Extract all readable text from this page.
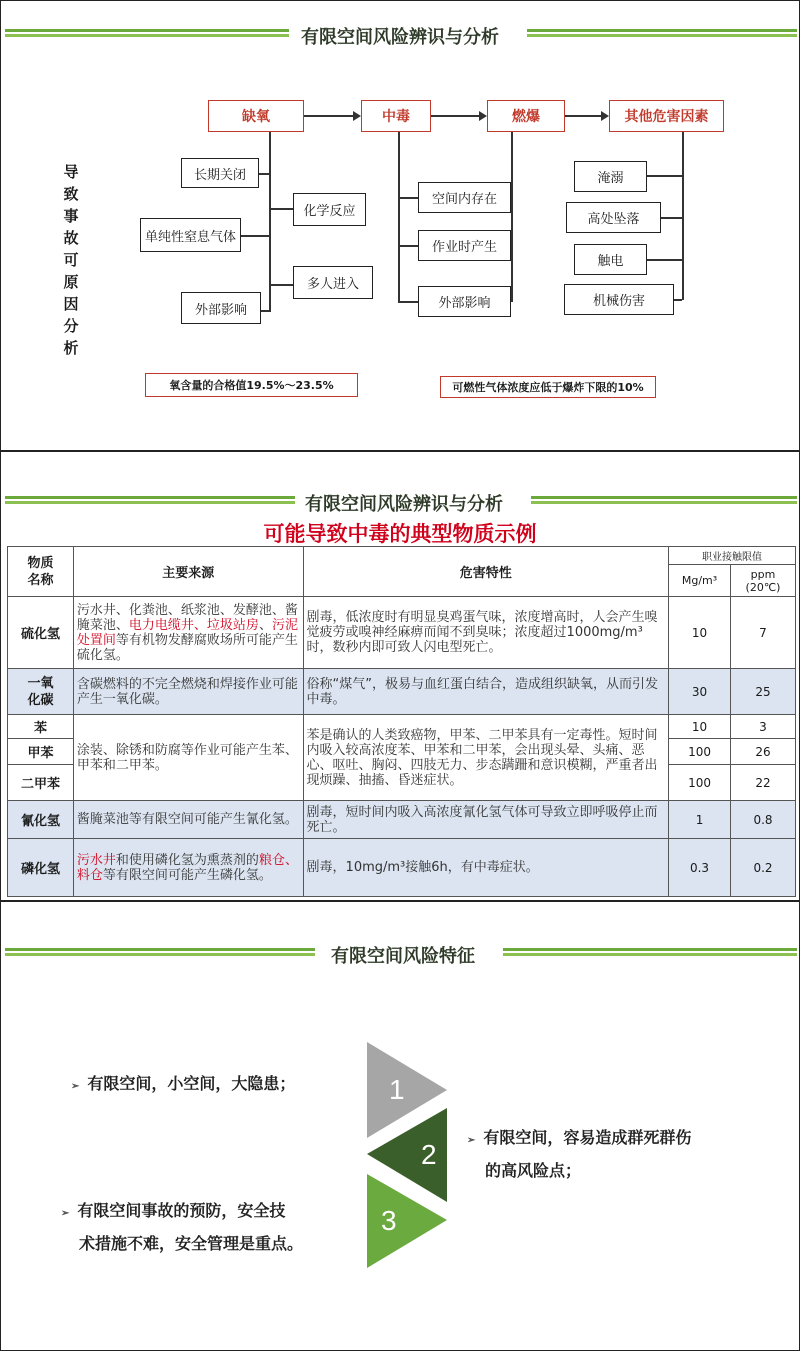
有限空间风险辨识与分析
导
致
事
故
可
原
因
分
析
缺氧	中毒	燃爆	其他危害因素
长期关闭
单纯性窒息气体
外部影响
化学反应
多人进入
空间内存在
作业时产生
外部影响
淹溺
高处坠落
触电
机械伤害
氧含量的合格值19.5%～23.5%	可燃性气体浓度应低于爆炸下限的10%
有限空间风险辨识与分析
可能导致中毒的典型物质示例
物质
名称	主要来源	危害特性	职业接触限值	
			Mg/m³	ppm
(20℃)
硫化氢	污水井、化粪池、纸浆池、发酵池、酱腌菜池、电力电缆井、垃圾站房、污泥处置间等有机物发酵腐败场所可能产生硫化氢。	剧毒，低浓度时有明显臭鸡蛋气味，浓度增高时，人会产生嗅觉疲劳或嗅神经麻痹而闻不到臭味；浓度超过1000mg/m³时，数秒内即可致人闪电型死亡。	10	7
一氧
化碳	含碳燃料的不完全燃烧和焊接作业可能产生一氧化碳。	俗称“煤气”，极易与血红蛋白结合，造成组织缺氧，从而引发中毒。	30	25
苯	涂装、除锈和防腐等作业可能产生苯、甲苯和二甲苯。	苯是确认的人类致癌物，甲苯、二甲苯具有一定毒性。短时间内吸入较高浓度苯、甲苯和二甲苯，会出现头晕、头痛、恶心、呕吐、胸闷、四肢无力、步态蹒跚和意识模糊，严重者出现烦躁、抽搐、昏迷症状。	10	3
甲苯			100	26
二甲苯			100	22
氰化氢	酱腌菜池等有限空间可能产生氰化氢。	剧毒，短时间内吸入高浓度氰化氢气体可导致立即呼吸停止而死亡。	1	0.8
磷化氢	污水井和使用磷化氢为熏蒸剂的粮仓、料仓等有限空间可能产生磷化氢。	剧毒，10mg/m³接触6h，有中毒症状。	0.3	0.2
有限空间风险特征
1
2
3
➢ 有限空间，小空间，大隐患；
➢ 有限空间，容易造成群死群伤
的高风险点；
➢ 有限空间事故的预防，安全技
术措施不难，安全管理是重点。
